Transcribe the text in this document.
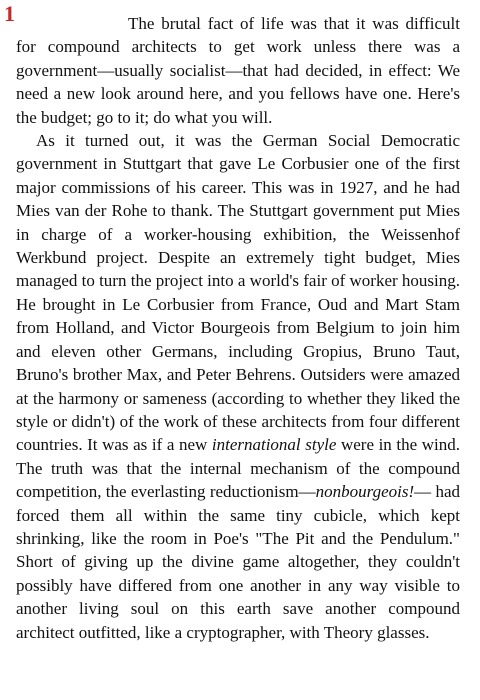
1	The brutal fact of life was that it was difficult for compound architects to get work unless there was a government—usually socialist—that had decided, in effect: We need a new look around here, and you fellows have one. Here's the budget; go to it; do what you will.

As it turned out, it was the German Social Democratic government in Stuttgart that gave Le Corbusier one of the first major commissions of his career. This was in 1927, and he had Mies van der Rohe to thank. The Stuttgart government put Mies in charge of a worker-housing exhibition, the Weissenhof Werkbund project. Despite an extremely tight budget, Mies managed to turn the project into a world's fair of worker housing. He brought in Le Corbusier from France, Oud and Mart Stam from Holland, and Victor Bourgeois from Belgium to join him and eleven other Germans, including Gropius, Bruno Taut, Bruno's brother Max, and Peter Behrens. Outsiders were amazed at the harmony or sameness (according to whether they liked the style or didn't) of the work of these architects from four different countries. It was as if a new international style were in the wind. The truth was that the internal mechanism of the compound competition, the everlasting reductionism—nonbourgeois!— had forced them all within the same tiny cubicle, which kept shrinking, like the room in Poe's "The Pit and the Pendulum." Short of giving up the divine game altogether, they couldn't possibly have differed from one another in any way visible to another living soul on this earth save another compound architect outfitted, like a cryptographer, with Theory glasses.
